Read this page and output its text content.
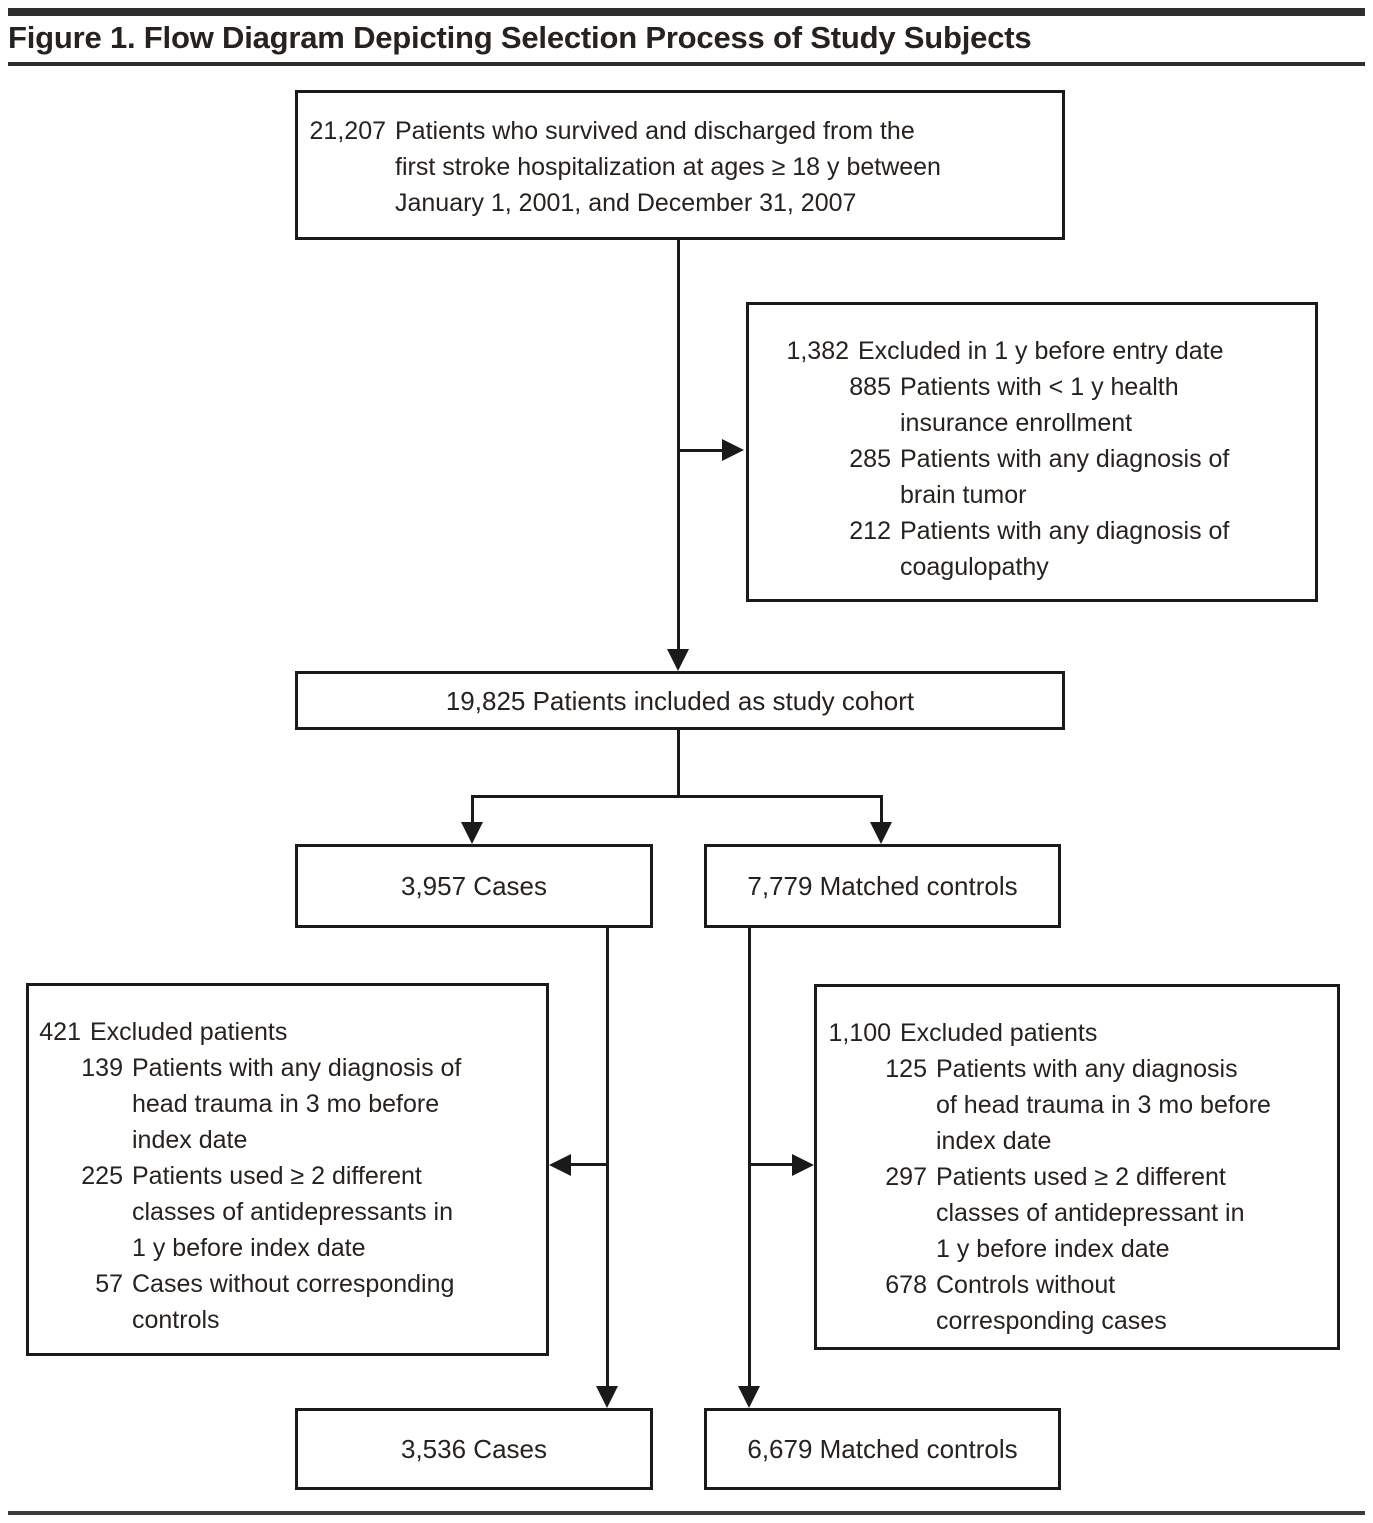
Figure 1. Flow Diagram Depicting Selection Process of Study Subjects
21,207 Patients who survived and discharged from the
first stroke hospitalization at ages ≥ 18 y between
January 1, 2001, and December 31, 2007
1,382 Excluded in 1 y before entry date
885 Patients with < 1 y health
insurance enrollment
285 Patients with any diagnosis of
brain tumor
212 Patients with any diagnosis of
coagulopathy
19,825 Patients included as study cohort
3,957 Cases	7,779 Matched controls
421 Excluded patients
139 Patients with any diagnosis of
head trauma in 3 mo before
index date
225 Patients used ≥ 2 different
classes of antidepressants in
1 y before index date
57 Cases without corresponding
controls
1,100 Excluded patients
125 Patients with any diagnosis
of head trauma in 3 mo before
index date
297 Patients used ≥ 2 different
classes of antidepressant in
1 y before index date
678 Controls without
corresponding cases
3,536 Cases	6,679 Matched controls
